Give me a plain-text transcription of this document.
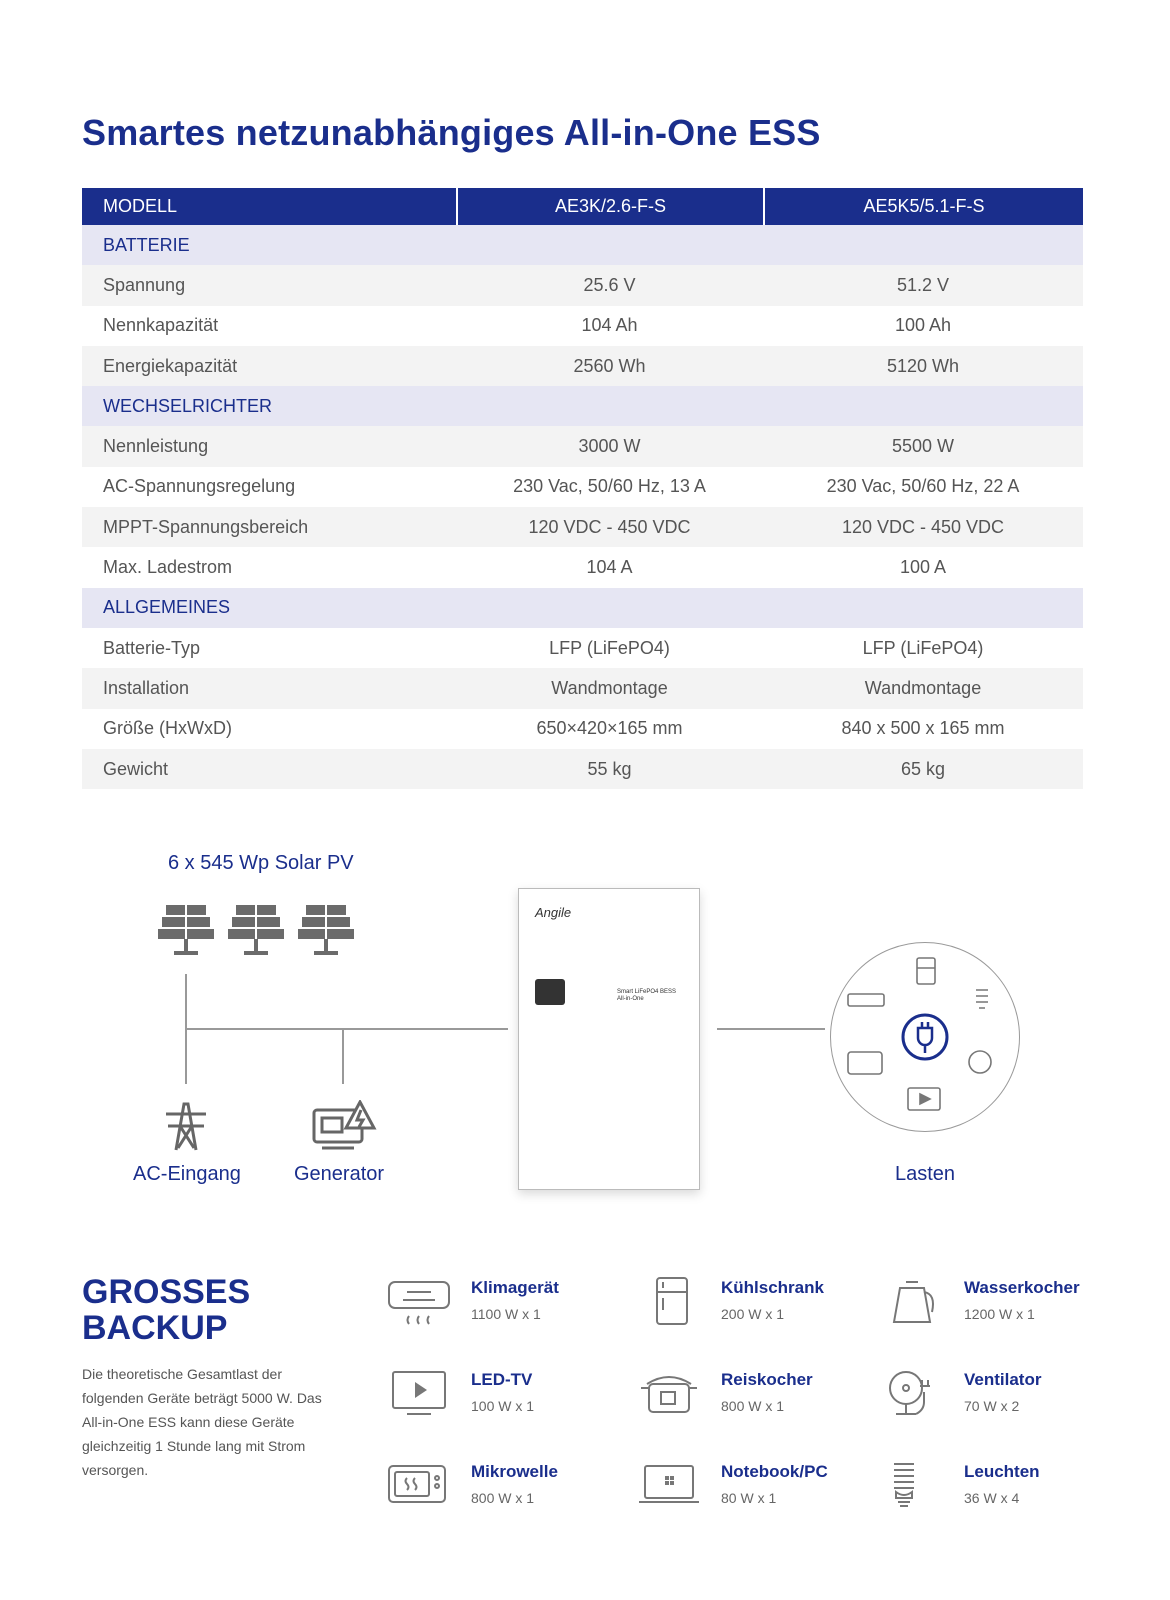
Smartes netzunabhängiges All-in-One ESS
MODELL	AE3K/2.6-F-S	AE5K5/5.1-F-S
BATTERIE
Spannung	25.6 V	51.2 V
Nennkapazität	104 Ah	100 Ah
Energiekapazität	2560 Wh	5120 Wh
WECHSELRICHTER
Nennleistung	3000 W	5500 W
AC-Spannungsregelung	230 Vac, 50/60 Hz, 13 A	230 Vac, 50/60 Hz, 22 A
MPPT-Spannungsbereich	120 VDC - 450 VDC	120 VDC - 450 VDC
Max. Ladestrom	104 A	100 A
ALLGEMEINES
Batterie-Typ	LFP (LiFePO4)	LFP (LiFePO4)
Installation	Wandmontage	Wandmontage
Größe (HxWxD)	650×420×165 mm	840 x 500 x 165 mm
Gewicht	55 kg	65 kg
6 x 545 Wp Solar PV
AC-Eingang	Generator
Angile
Smart LiFePO4 BESS
All-in-One
Lasten
GROSSES
BACKUP
Die theoretische Gesamtlast der folgenden Geräte beträgt 5000 W. Das All-in-One ESS kann diese Geräte gleichzeitig 1 Stunde lang mit Strom versorgen.
Klimagerät
1100 W x 1
Kühlschrank
200 W x 1
Wasserkocher
1200 W x 1
LED-TV
100 W x 1
Reiskocher
800 W x 1
Ventilator
70 W x 2
Mikrowelle
800 W x 1
Notebook/PC
80 W x 1
Leuchten
36 W x 4
